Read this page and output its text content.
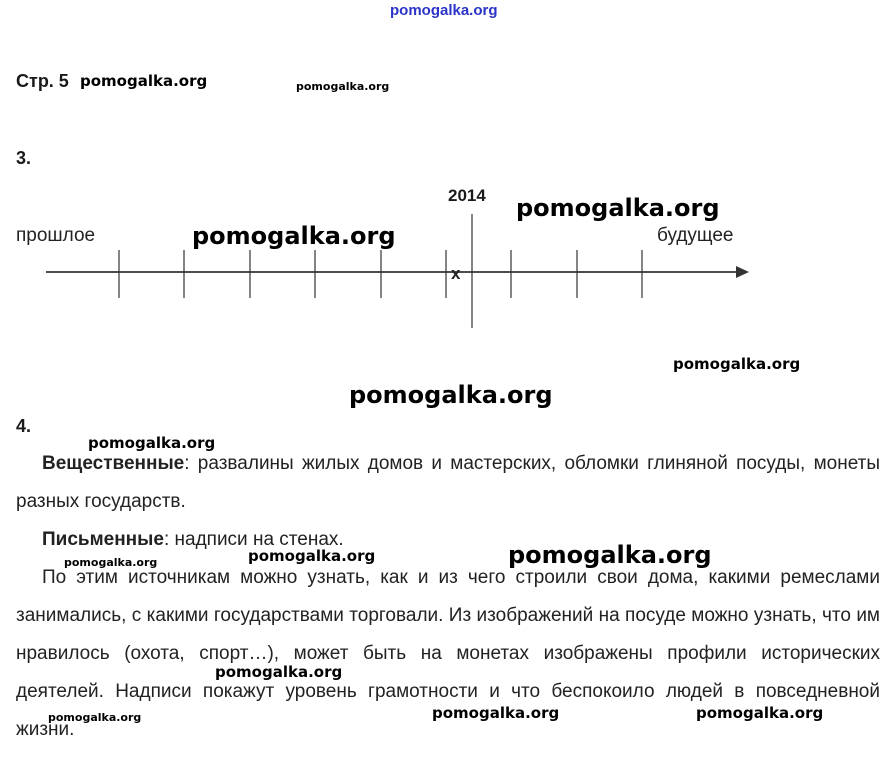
pomogalka.org
Стр. 5 pomogalka.org	pomogalka.org
3.
2014
прошлое	будущее
x
pomogalka.org
pomogalka.org
pomogalka.org
pomogalka.org
4.
pomogalka.org
Вещественные: развалины жилых домов и мастерских, обломки глиняной посуды, монеты разных государств.
Письменные: надписи на стенах.
По этим источникам можно узнать, как и из чего строили свои дома, какими ремеслами занимались, с какими государствами торговали. Из изображений на посуде можно узнать, что им нравилось (охота, спорт…), может быть на монетах изображены профили исторических деятелей. Надписи покажут уровень грамотности и что беспокоило людей в повседневной жизни.
pomogalka.org	pomogalka.org	pomogalka.org
pomogalka.org
pomogalka.org	pomogalka.org	pomogalka.org
